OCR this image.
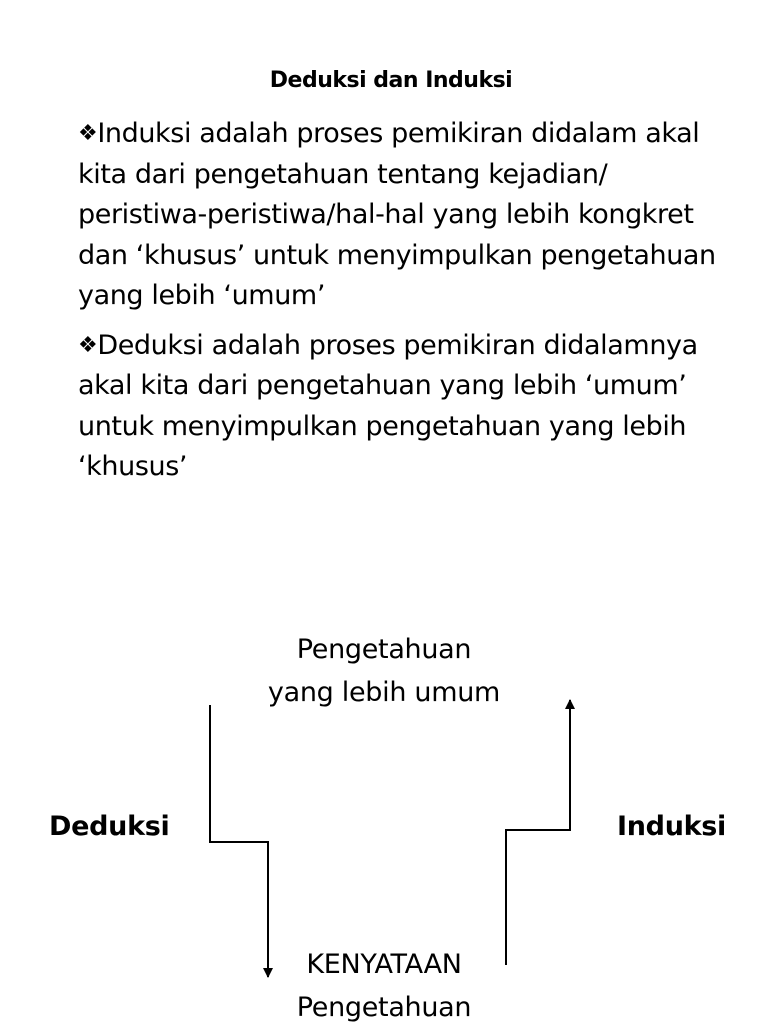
Deduksi dan Induksi
❖Induksi adalah proses pemikiran didalam akal kita dari pengetahuan tentang kejadian/ peristiwa-peristiwa/hal-hal yang lebih kongkret dan ‘khusus’ untuk menyimpulkan pengetahuan yang lebih ‘umum’
❖Deduksi adalah proses pemikiran didalamnya akal kita dari pengetahuan yang lebih ‘umum’ untuk menyimpulkan pengetahuan yang lebih ‘khusus’
Pengetahuan
yang lebih umum
Deduksi	Induksi
KENYATAAN
Pengetahuan
